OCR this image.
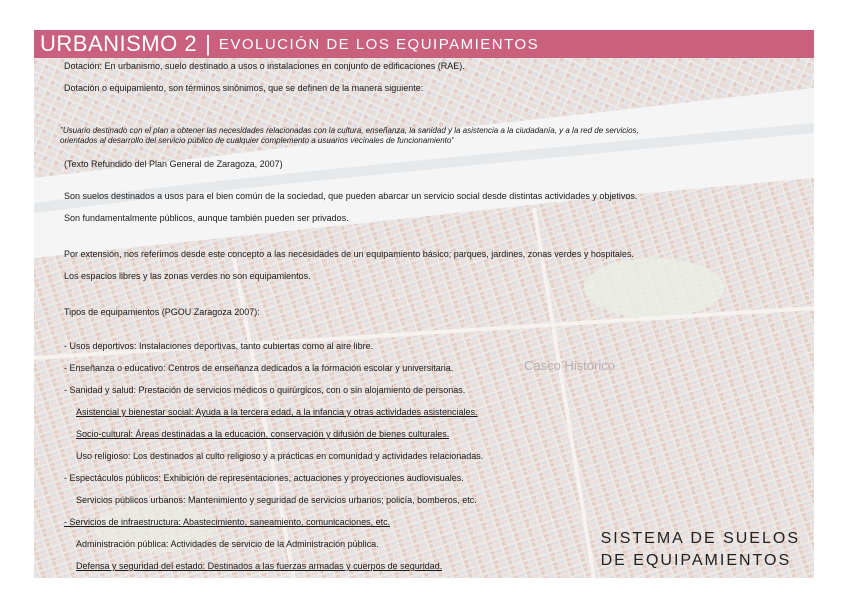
Casco Histórico
URBANISMO 2 | EVOLUCIÓN DE LOS EQUIPAMIENTOS
Dotación: En urbanismo, suelo destinado a usos o instalaciones en conjunto de edificaciones (RAE).
Dotación o equipamiento, son términos sinónimos, que se definen de la manera siguiente:
"Usuario destinado con el plan a obtener las necesidades relacionadas con la cultura, enseñanza, la sanidad y la asistencia a la ciudadanía, y a la red de servicios,
orientados al desarrollo del servicio público de cualquier complemento a usuarios vecinales de funcionamiento"
(Texto Refundido del Plan General de Zaragoza, 2007)
Son suelos destinados a usos para el bien común de la sociedad, que pueden abarcar un servicio social desde distintas actividades y objetivos.
Son fundamentalmente públicos, aunque también pueden ser privados.
Por extensión, nos referimos desde este concepto a las necesidades de un equipamiento básico; parques, jardines, zonas verdes y hospitales.
Los espacios libres y las zonas verdes no son equipamientos.
Tipos de equipamientos (PGOU Zaragoza 2007):
- Usos deportivos: Instalaciones deportivas, tanto cubiertas como al aire libre.
- Enseñanza o educativo: Centros de enseñanza dedicados a la formación escolar y universitaria.
- Sanidad y salud: Prestación de servicios médicos o quirúrgicos, con o sin alojamiento de personas.
Asistencial y bienestar social: Ayuda a la tercera edad, a la infancia y otras actividades asistenciales.
Socio-cultural: Áreas destinadas a la educación, conservación y difusión de bienes culturales.
Uso religioso: Los destinados al culto religioso y a prácticas en comunidad y actividades relacionadas.
- Espectáculos públicos: Exhibición de representaciones, actuaciones y proyecciones audiovisuales.
Servicios públicos urbanos: Mantenimiento y seguridad de servicios urbanos; policía, bomberos, etc.
- Servicios de infraestructura: Abastecimiento, saneamiento, comunicaciones, etc.
Administración pública: Actividades de servicio de la Administración pública.
Defensa y seguridad del estado: Destinados a las fuerzas armadas y cuerpos de seguridad.
SISTEMA DE SUELOS
DE EQUIPAMIENTOS
